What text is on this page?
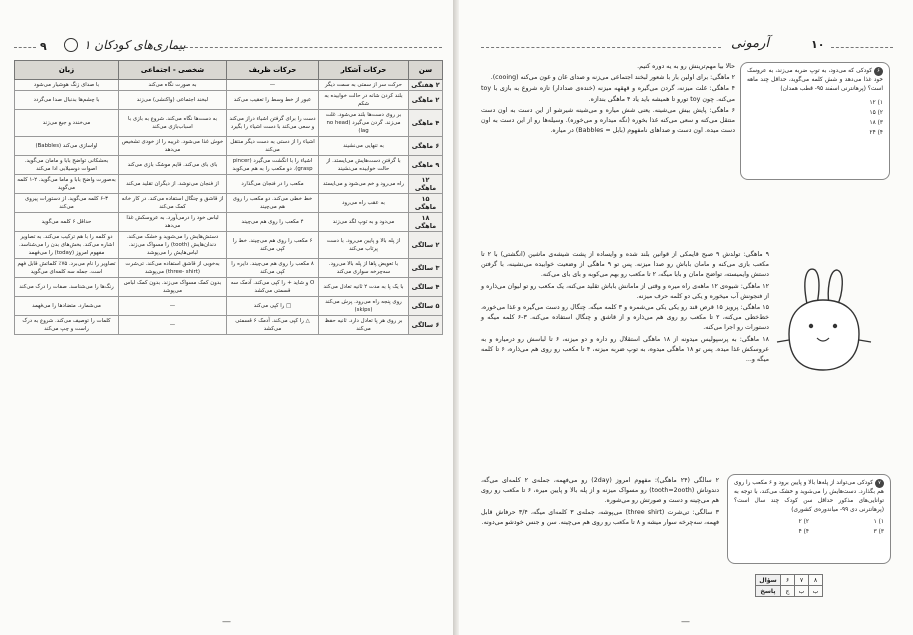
۹	بیماری‌های کودکان ۱
سن	حرکات آشکار	حرکات ظریف	شخصی - اجتماعی	زبان
۲ هفتگی	حرکت سر از سمتی به سمت دیگر	—	به صورت نگاه می‌کند	با صدای زنگ هوشیار می‌شود
۲ ماهگی	بلند کردن شانه در حالت خوابیده به شکم	عبور از خط وسط را تعقیب می‌کند	لبخند اجتماعی (واکنشی) می‌زند	با چشم‌ها بدنبال صدا می‌گردد
۴ ماهگی	بر روی دست‌ها بلند می‌شود. غلت می‌زند. گردن می‌گیرد (no head lag)	دست را برای گرفتن اشیاء دراز می‌کند و سعی می‌کند با دست اشیاء را بگیرد	به دست‌ها نگاه می‌کند. شروع به بازی با اسباب‌بازی می‌کند	می‌خندد و جیغ می‌زند
۶ ماهگی	به تنهایی می‌نشیند	اشیاء را از دستی به دست دیگر منتقل می‌کند	خوش غذا می‌شود. غریبه را از خودی تشخیص می‌دهد	اواسازی می‌کند (Babbles)
۹ ماهگی	با گرفتن دست‌هایش می‌ایستد. از حالت خوابیده می‌نشیند	اشیاء را با انگشت می‌گیرد (pincer grasp). دو مکعب را به هم می‌کوبد	بای بای می‌کند. قایم موشک بازی می‌کند	بحشکانی تواضح بابا و مامان می‌گوید. اصوات دوسیلابی ادا می‌کند
۱۲ ماهگی	راه می‌رود و خم می‌شود و می‌ایستد	مکعب را در فنجان می‌گذارد	از فنجان می‌نوشد. از دیگران تقلید می‌کند	به‌صورت واضح بابا و ماما می‌گوید. ۲-۱ کلمه می‌گوید
۱۵ ماهگی	به عقب راه می‌رود	خط خطی می‌کند. دو مکعب را روی هم می‌چیند	از قاشق و چنگال استفاده می‌کند. در کار خانه کمک می‌کند	۶-۳ کلمه می‌گوید. از دستورات پیروی می‌کند
۱۸ ماهگی	می‌دود و به توپ لگد می‌زند	۴ مکعب را روی هم می‌چیند	لباس خود را درمی‌آورد. به عروسکش غذا می‌دهد	حداقل ۶ کلمه می‌گوید
۲ سالگی	از پله بالا و پایین می‌رود. با دست پرتاب می‌کند	۶ مکعب را روی هم می‌چیند. خط را کپی می‌کند	دستش‌هایش را می‌شوید و خشک می‌کند. دندان‌هایش (tooth) را مسواک می‌زند. لباس‌هایش را می‌پوشد	دو کلمه را با هم ترکیب می‌کند. به تصاویر اشاره می‌کند. بخش‌های بدن را می‌شناسد. مفهوم امروز (today) را می‌فهمد
۳ سالگی	با تعویض پاها از پله بالا می‌رود. سه‌چرخه سواری می‌کند	۸ مکعب را روی هم می‌چیند. دایره را کپی می‌کند	به‌خوبی از قاشق استفاده می‌کند. تی‌شرت (three- shirt) می‌پوشد	تصاویر را نام می‌برد. ۷۵٪ کلماتش قابل فهم است. جمله سه کلمه‌ای می‌گوید
۴ سالگی	با یک پا به مدت ۲ ثانیه تعادل می‌کند	O و شاید + را کپی می‌کند. آدمک سه قسمتی می‌کشد	بدون کمک مسواک می‌زند. بدون کمک لباس می‌پوشد	رنگ‌ها را می‌شناسد. صفات را درک می‌کند
۵ سالگی	روی پنجه راه می‌رود. پرش می‌کند (skips)	□ را کپی می‌کند	—	می‌شمارد. متضادها را می‌فهمد
۶ سالگی	بر روی هر پا تعادل دارد. ثانیه حفظ می‌کند	△ را کپی می‌کند. آدمک ۶ قسمتی می‌کشد	—	کلمات را توصیف می‌کند. شروع به درک راست و چپ می‌کند
—
آرمونی	۱۰

۶کودکی که می‌دود، به توپ ضربه می‌زند، به عروسک خود غذا می‌دهد و شش کلمه می‌گوید، حداقل چند ماهه است؟ (پرهانترنی اسفند ۹۵- قطب همدان)

۱) ۱۲
۲) ۱۵
۳) ۱۸
۴) ۲۴

حالا بیا مهم‌ترینش رو به یه دوره کنیم.

۲ ماهگی: برای اولین بار با شعور لبخند اجتماعی می‌زنه و صدای غان و غون می‌کنه (cooing).

۴ ماهگی: غلت میزنه، گردن می‌گیره و قهقهه میزنه (خنده‌ی صدادار) تازه شروع به بازی با toy می‌کنه. چون toy تورو تا همیشه باید یاد ۴ ماهگی بندازه.

۶ ماهگی: پایش بیش می‌شینه. یعنی شش میاره و می‌شینه شیرشو از این دست به اون دست منتقل می‌کنه و سعی می‌کنه غذا بخوره (نگه میداره و می‌خوره). وسیله‌ها رو از این دست به اون دست میده. اون دست و صداهای نامفهوم (بابل = Babbles) در میاره.

۹ ماهگی: تولدش ۹ صبح قایمکی از قوانین بلند شده و وایساده از پشت شیشه‌ی ماشین (انگشتی) با ۲ تا مکعب بازی می‌کنه و مامان باباش رو صدا میزنه. پس تو ۹ ماهگی از وضعیت خوابیده می‌نشینه، با گرفتن دستش وایمیسته، تواضح مامان و بابا میگه، ۲ تا مکعب رو بهم می‌کوبه و بای بای می‌کنه.

۱۲ ماهگی: شیوه‌ی ۱۲ ماهه‌ی راه میره و وقتی از ما‌مانش باباش تقلید می‌کنه، یک مکعب رو تو لیوان می‌ذاره و از فنجونش آب میخوره و یکی دو کلمه حرف میزنه.

۱۵ ماهگی: پرویز ۱۵ قرص قند رو یکی یکی می‌شمره و ۳ کلمه میگه. چنگال رو دست می‌گیره و غذا می‌خوره، خط‌خطی می‌کنه، ۲ تا مکعب رو روی هم می‌ذاره و از قاشق و چنگال استفاده می‌کنه. ۳-۶ کلمه میگه و دستورات رو اجرا می‌کنه.

۱۸ ماهگی: به پرسپولیس میدونه از ۱۸ ماهگی استقلال رو داره و دو میزنه، ۶ تا لباسش رو درمیاره و به عروسکش غذا میده. پس تو ۱۸ ماهگی میدوه، به توپ ضربه میزنه، ۴ تا مکعب رو روی هم می‌ذاره، ۶ تا کلمه میگه و...

۷کودکی می‌تواند از پله‌ها بالا و پایین برود و ۶ مکعب را روی هم بگذارد. دست‌هایش را می‌شوید و خشک می‌کند، با توجه به توانایی‌های مذکور حداقل سن کودک چند سال است؟ (پرهانترنی دی ۹۹- میاندوره‌ی کشوری)

۱) ۱
۲) ۲
۳) ۳
۴) ۴

۲ سالگی (۲۴ ماهگی): مفهوم امروز (2day) رو می‌فهمه، جمله‌ی ۲ کلمه‌ای می‌گه، دندوناش (tooth=2ooth) رو مسواک میزنه و از پله بالا و پایین میره، ۶ تا مکعب رو روی هم می‌چینه و دست و صورتش رو می‌شوره.

۳ سالگی: تی‌شرت (three shirt) می‌پوشه، جمله‌ی ۳ کلمه‌ای میگه، ۳/۴ حرفاش قابل فهمه، سه‌چرخه سوار میشه و ۸ تا مکعب رو روی هم می‌چینه. سن و جنس خودشو می‌دونه.

۸	۷	۶	سؤال
ب	ب	ج	پاسخ
—
